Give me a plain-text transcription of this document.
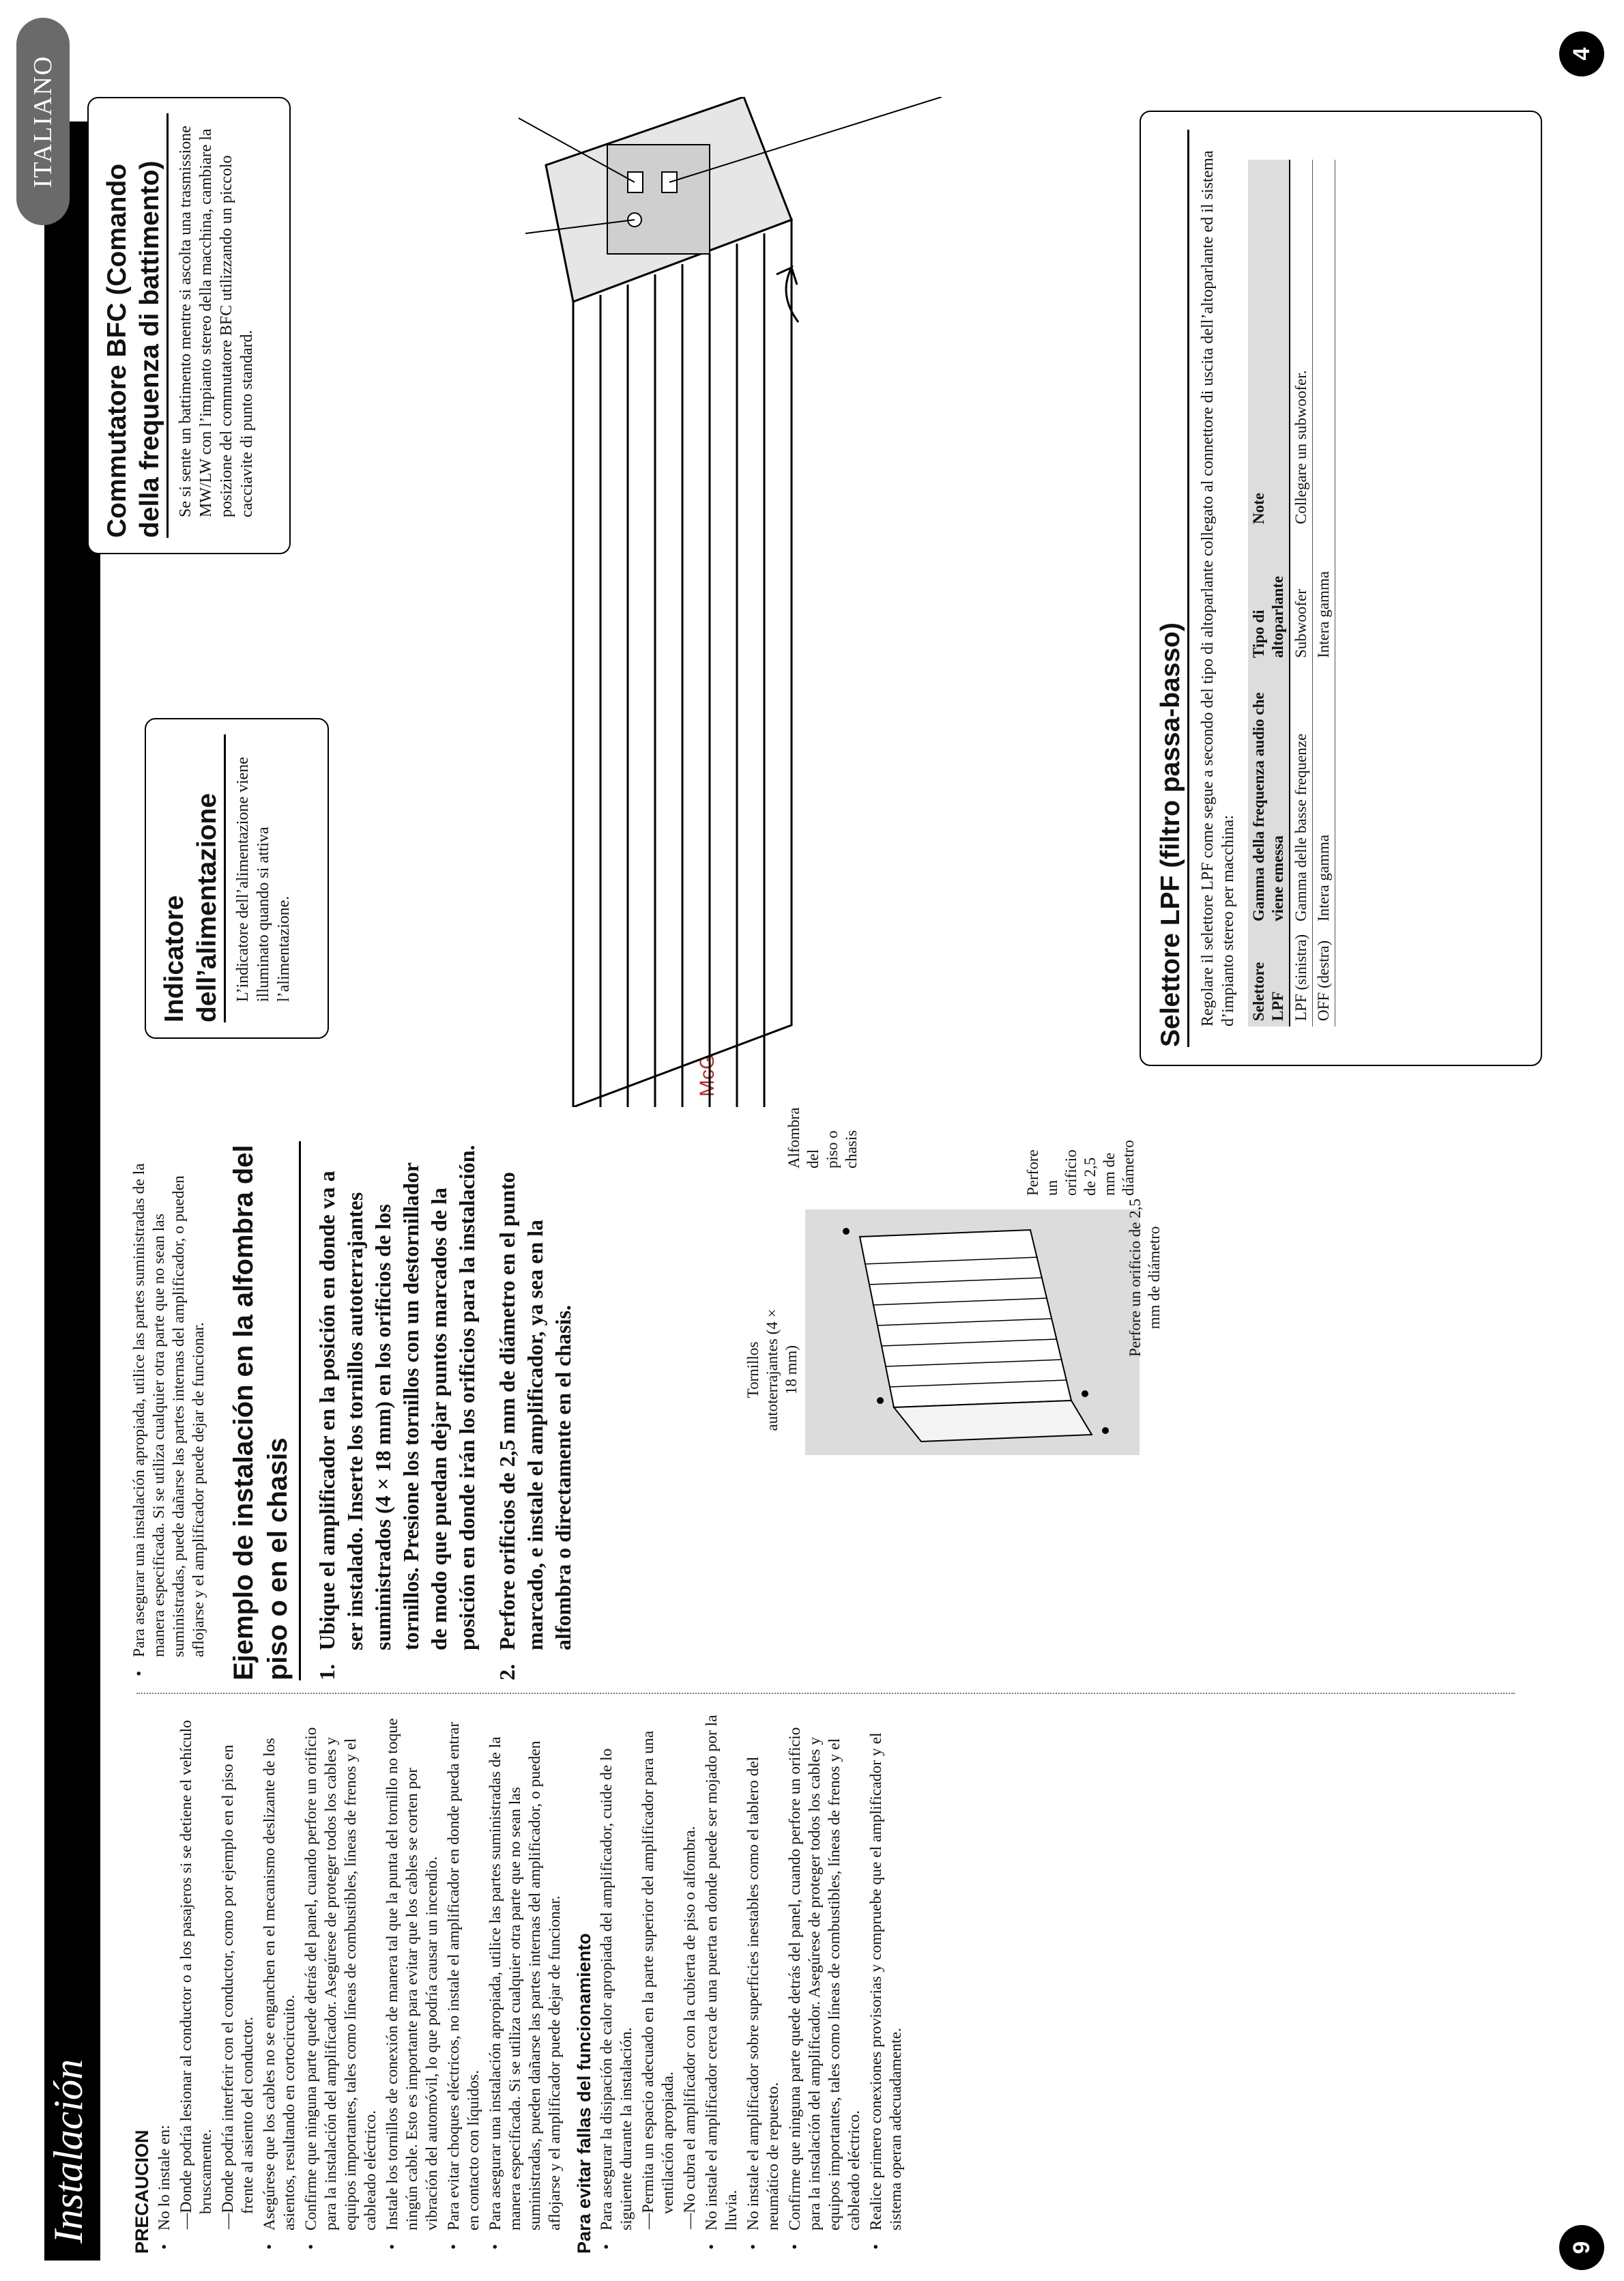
Instalación
ITALIANO
9
4
PRECAUCION • No lo instale en: —Donde podría lesionar al conductor o a los pasajeros si se detiene el vehículo bruscamente. —Donde podría interferir con el conductor, como por ejemplo en el piso en frente al asiento del conductor. • Asegúrese que los cables no se enganchen en el mecanismo deslizante de los asientos, resultando en cortocircuito. • Confirme que ninguna parte quede detrás del panel, cuando perfore un orificio para la instalación del amplificador. Asegúrese de proteger todos los cables y equipos importantes, tales como líneas de combustibles, líneas de frenos y el cableado eléctrico. • Instale los tornillos de conexión de manera tal que la punta del tornillo no toque ningún cable. Esto es importante para evitar que los cables se corten por vibración del automóvil, lo que podría causar un incendio. • Para evitar choques eléctricos, no instale el amplificador en donde pueda entrar en contacto con líquidos. • Para asegurar una instalación apropiada, utilice las partes suministradas de la manera especificada. Si se utiliza cualquier otra parte que no sean las suministradas, pueden dañarse las partes internas del amplificador, o pueden aflojarse y el amplificador puede dejar de funcionar. Para evitar fallas del funcionamiento • Para asegurar la disipación de calor apropiada del amplificador, cuide de lo siguiente durante la instalación. —Permita un espacio adecuado en la parte superior del amplificador para una ventilación apropiada. —No cubra el amplificador con la cubierta de piso o alfombra. • No instale el amplificador cerca de una puerta en donde puede ser mojado por la lluvia. • No instale el amplificador sobre superficies inestables como el tablero del neumático de repuesto. • Confirme que ninguna parte quede detrás del panel, cuando perfore un orificio para la instalación del amplificador. Asegúrese de proteger todos los cables y equipos importantes, tales como líneas de combustibles, líneas de frenos y el cableado eléctrico. • Realice primero conexiones provisorias y compruebe que el amplificador y el sistema operan adecuadamente.

• Para asegurar una instalación apropiada, utilice las partes suministradas de la manera especificada. Si se utiliza cualquier otra parte que no sean las suministradas, puede dañarse las partes internas del amplificador, o pueden aflojarse y el amplificador puede dejar de funcionar. Ejemplo de instalación en la alfombra del piso o en el chasis	1.
Ubique el amplificador en la posición en donde va a ser instalado. Inserte los tornillos autoterrajantes suministrados (4 × 18 mm) en los orificios de los tornillos. Presione los tornillos con un destornillador de modo que puedan dejar puntos marcados de la posición en donde irán los orificios para la instalación.
2.
Perfore orificios de 2,5 mm de diámetro en el punto marcado, e instale el amplificador, ya sea en la alfombra o directamente en el chasis.	Tornillos autoterrajantes (4 × 18 mm)
Alfombra del piso o chasis
Perfore un orificio de 2,5 mm de diámetro
Perfore un orificio de 2,5 mm de diámetro
Indicatore dell’alimentazione L’indicatore dell’alimentazione viene illuminato quando si attiva l’alimentazione.
Commutatore BFC (Comando della frequenza di battimento) Se si sente un battimento mentre si ascolta una trasmissione MW/LW con l’impianto stereo della macchina, cambiare la posizione del commutatore BFC utilizzando un piccolo cacciavite di punto standard.
Selettore LPF (filtro passa-basso) Regolare il selettore LPF come segue a secondo del tipo di altoparlante collegato al connettore di uscita dell’altoparlante ed il sistema d’impianto stereo per macchina: Selettore LPF	Gamma della frequenza audio che viene emessa	Tipo di altoparlante	Note
LPF (sinistra)	Gamma delle basse frequenze	Subwoofer	Collegare un subwoofer.
OFF (destra)	Intera gamma	Intera gamma	
